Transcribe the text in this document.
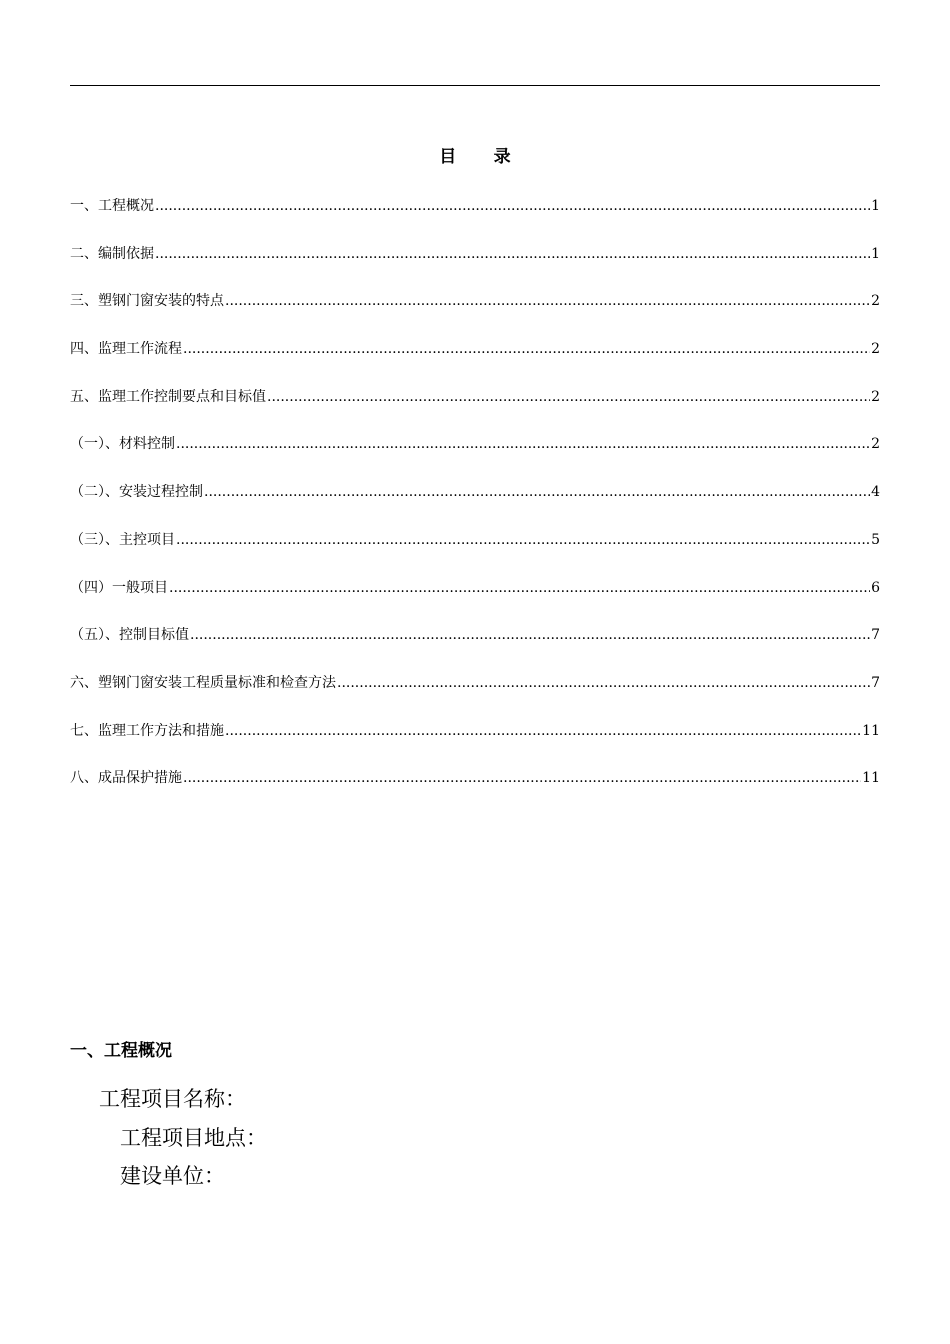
目　录
一、工程概况 .....	1
二、编制依据 .....	1
三、塑钢门窗安装的特点 .....	2
四、监理工作流程 .....	2
五、监理工作控制要点和目标值 .....	2
（一）、材料控制 .....	2
（二）、安装过程控制 .....	4
（三）、主控项目 .....	5
（四）一般项目 .....	6
（五）、控制目标值 .....	7
六、塑钢门窗安装工程质量标准和检查方法 .....	7
七、监理工作方法和措施 .....	11
八、成品保护措施 .....	11
一、工程概况
工程项目名称：
工程项目地点：
建设单位：
